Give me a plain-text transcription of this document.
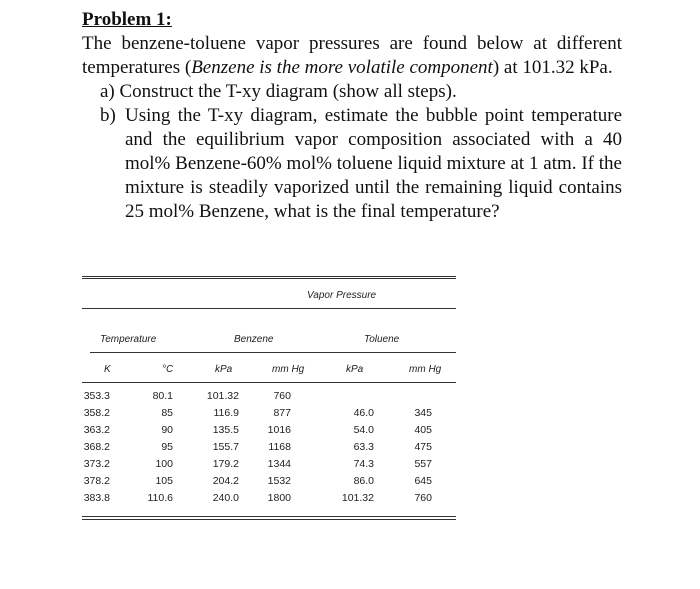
Problem 1:

The benzene-toluene vapor pressures are found below at different temperatures (Benzene is the more volatile component) at 101.32 kPa.

a) Construct the T-xy diagram (show all steps).

b) Using the T-xy diagram, estimate the bubble point temperature and the equilibrium vapor composition associated with a 40 mol% Benzene-60% mol% toluene liquid mixture at 1 atm. If the mixture is steadily vaporized until the remaining liquid contains 25 mol% Benzene, what is the final temperature?

Vapor Pressure
Temperature	Benzene	Toluene
K	°C	kPa	mm Hg	kPa	mm Hg
353.3	80.1	101.32	760
358.2	85	116.9	877	46.0	345
363.2	90	135.5	1016	54.0	405
368.2	95	155.7	1168	63.3	475
373.2	100	179.2	1344	74.3	557
378.2	105	204.2	1532	86.0	645
383.8	110.6	240.0	1800	101.32	760
